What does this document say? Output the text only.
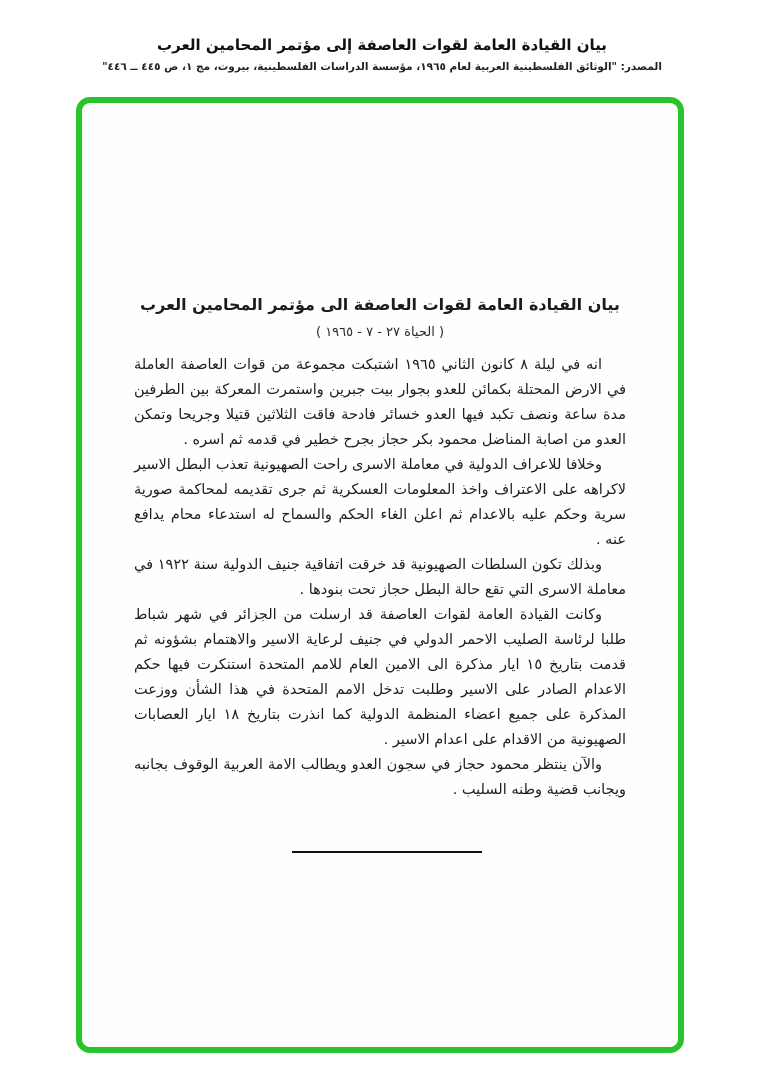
بيان القيادة العامة لقوات العاصفة إلى مؤتمر المحامين العرب
المصدر: "الوثائق الفلسطينية العربية لعام ١٩٦٥، مؤسسة الدراسات الفلسطينية، بيروت، مج ١، ص ٤٤٥ ــ ٤٤٦"
بيان القيادة العامة لقوات العاصفة الى مؤتمر المحامين العرب
( الحياة ٢٧ - ٧ - ١٩٦٥ )

انه في ليلة ٨ كانون الثاني ١٩٦٥ اشتبكت مجموعة من قوات العاصفة العاملة في الارض المحتلة بكمائن للعدو بجوار بيت جبرين واستمرت المعركة بين الطرفين مدة ساعة ونصف تكبد فيها العدو خسائر فادحة فاقت الثلاثين قتيلا وجريحا وتمكن العدو من اصابة المناضل محمود بكر حجاز بجرح خطير في قدمه ثم اسره .

وخلافا للاعراف الدولية في معاملة الاسرى راحت الصهيونية تعذب البطل الاسير لاكراهه على الاعتراف واخذ المعلومات العسكرية ثم جرى تقديمه لمحاكمة صورية سرية وحكم عليه بالاعدام ثم اعلن الغاء الحكم والسماح له استدعاء محام يدافع عنه .

وبذلك تكون السلطات الصهيونية قد خرقت اتفاقية جنيف الدولية سنة ١٩٢٢ في معاملة الاسرى التي تقع حالة البطل حجاز تحت بنودها .

وكانت القيادة العامة لقوات العاصفة قد ارسلت من الجزائر في شهر شباط طلبا لرئاسة الصليب الاحمر الدولي في جنيف لرعاية الاسير والاهتمام بشؤونه ثم قدمت بتاريخ ١٥ ايار مذكرة الى الامين العام للامم المتحدة استنكرت فيها حكم الاعدام الصادر على الاسير وطلبت تدخل الامم المتحدة في هذا الشأن ووزعت المذكرة على جميع اعضاء المنظمة الدولية كما انذرت بتاريخ ١٨ ايار العصابات الصهيونية من الاقدام على اعدام الاسير .

والآن ينتظر محمود حجاز في سجون العدو ويطالب الامة العربية الوقوف بجانبه ويجانب قضية وطنه السليب .
